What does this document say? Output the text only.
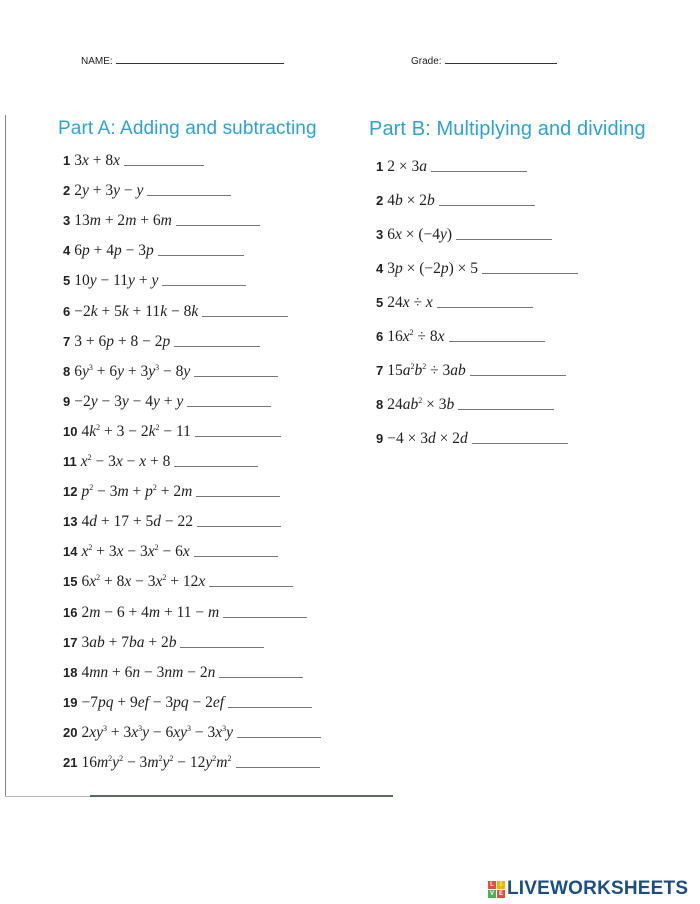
NAME:	Grade:
Part A: Adding and subtracting	Part B: Multiplying and dividing
1 3x + 8x
2 2y + 3y − y
3 13m + 2m + 6m
4 6p + 4p − 3p
5 10y − 11y + y
6 −2k + 5k + 11k − 8k
7 3 + 6p + 8 − 2p
8 $6y^3 + 6y + 3y^3 - 8y$
9 −2y − 3y − 4y + y
10 $4k^2 + 3 - 2k^2 - 11$
11 $x^2 - 3x - x + 8$
12 $p^2 - 3m + p^2 + 2m$
13 4d + 17 + 5d − 22
14 $x^2 + 3x - 3x^2 - 6x$
15 $6x^2 + 8x - 3x^2 + 12x$
16 2m − 6 + 4m + 11 − m
17 3ab + 7ba + 2b
18 4mn + 6n − 3nm − 2n
19 −7pq + 9ef − 3pq − 2ef
20 $2xy^3 + 3x^3y - 6xy^3 - 3x^3y$
21 $16m^2y^2 - 3m^2y^2 - 12y^2m^2$
1 2 × 3a
2 4b × 2b
3 6x × (−4y)
4 3p × (−2p) × 5
5 24x ÷ x
6 $16x^2 \div 8x$
7 $15a^2b^2 \div 3ab$
8 $24ab^2 \times 3b$
9 −4 × 3d × 2d
L	I
V E LIVEWORKSHEETS
